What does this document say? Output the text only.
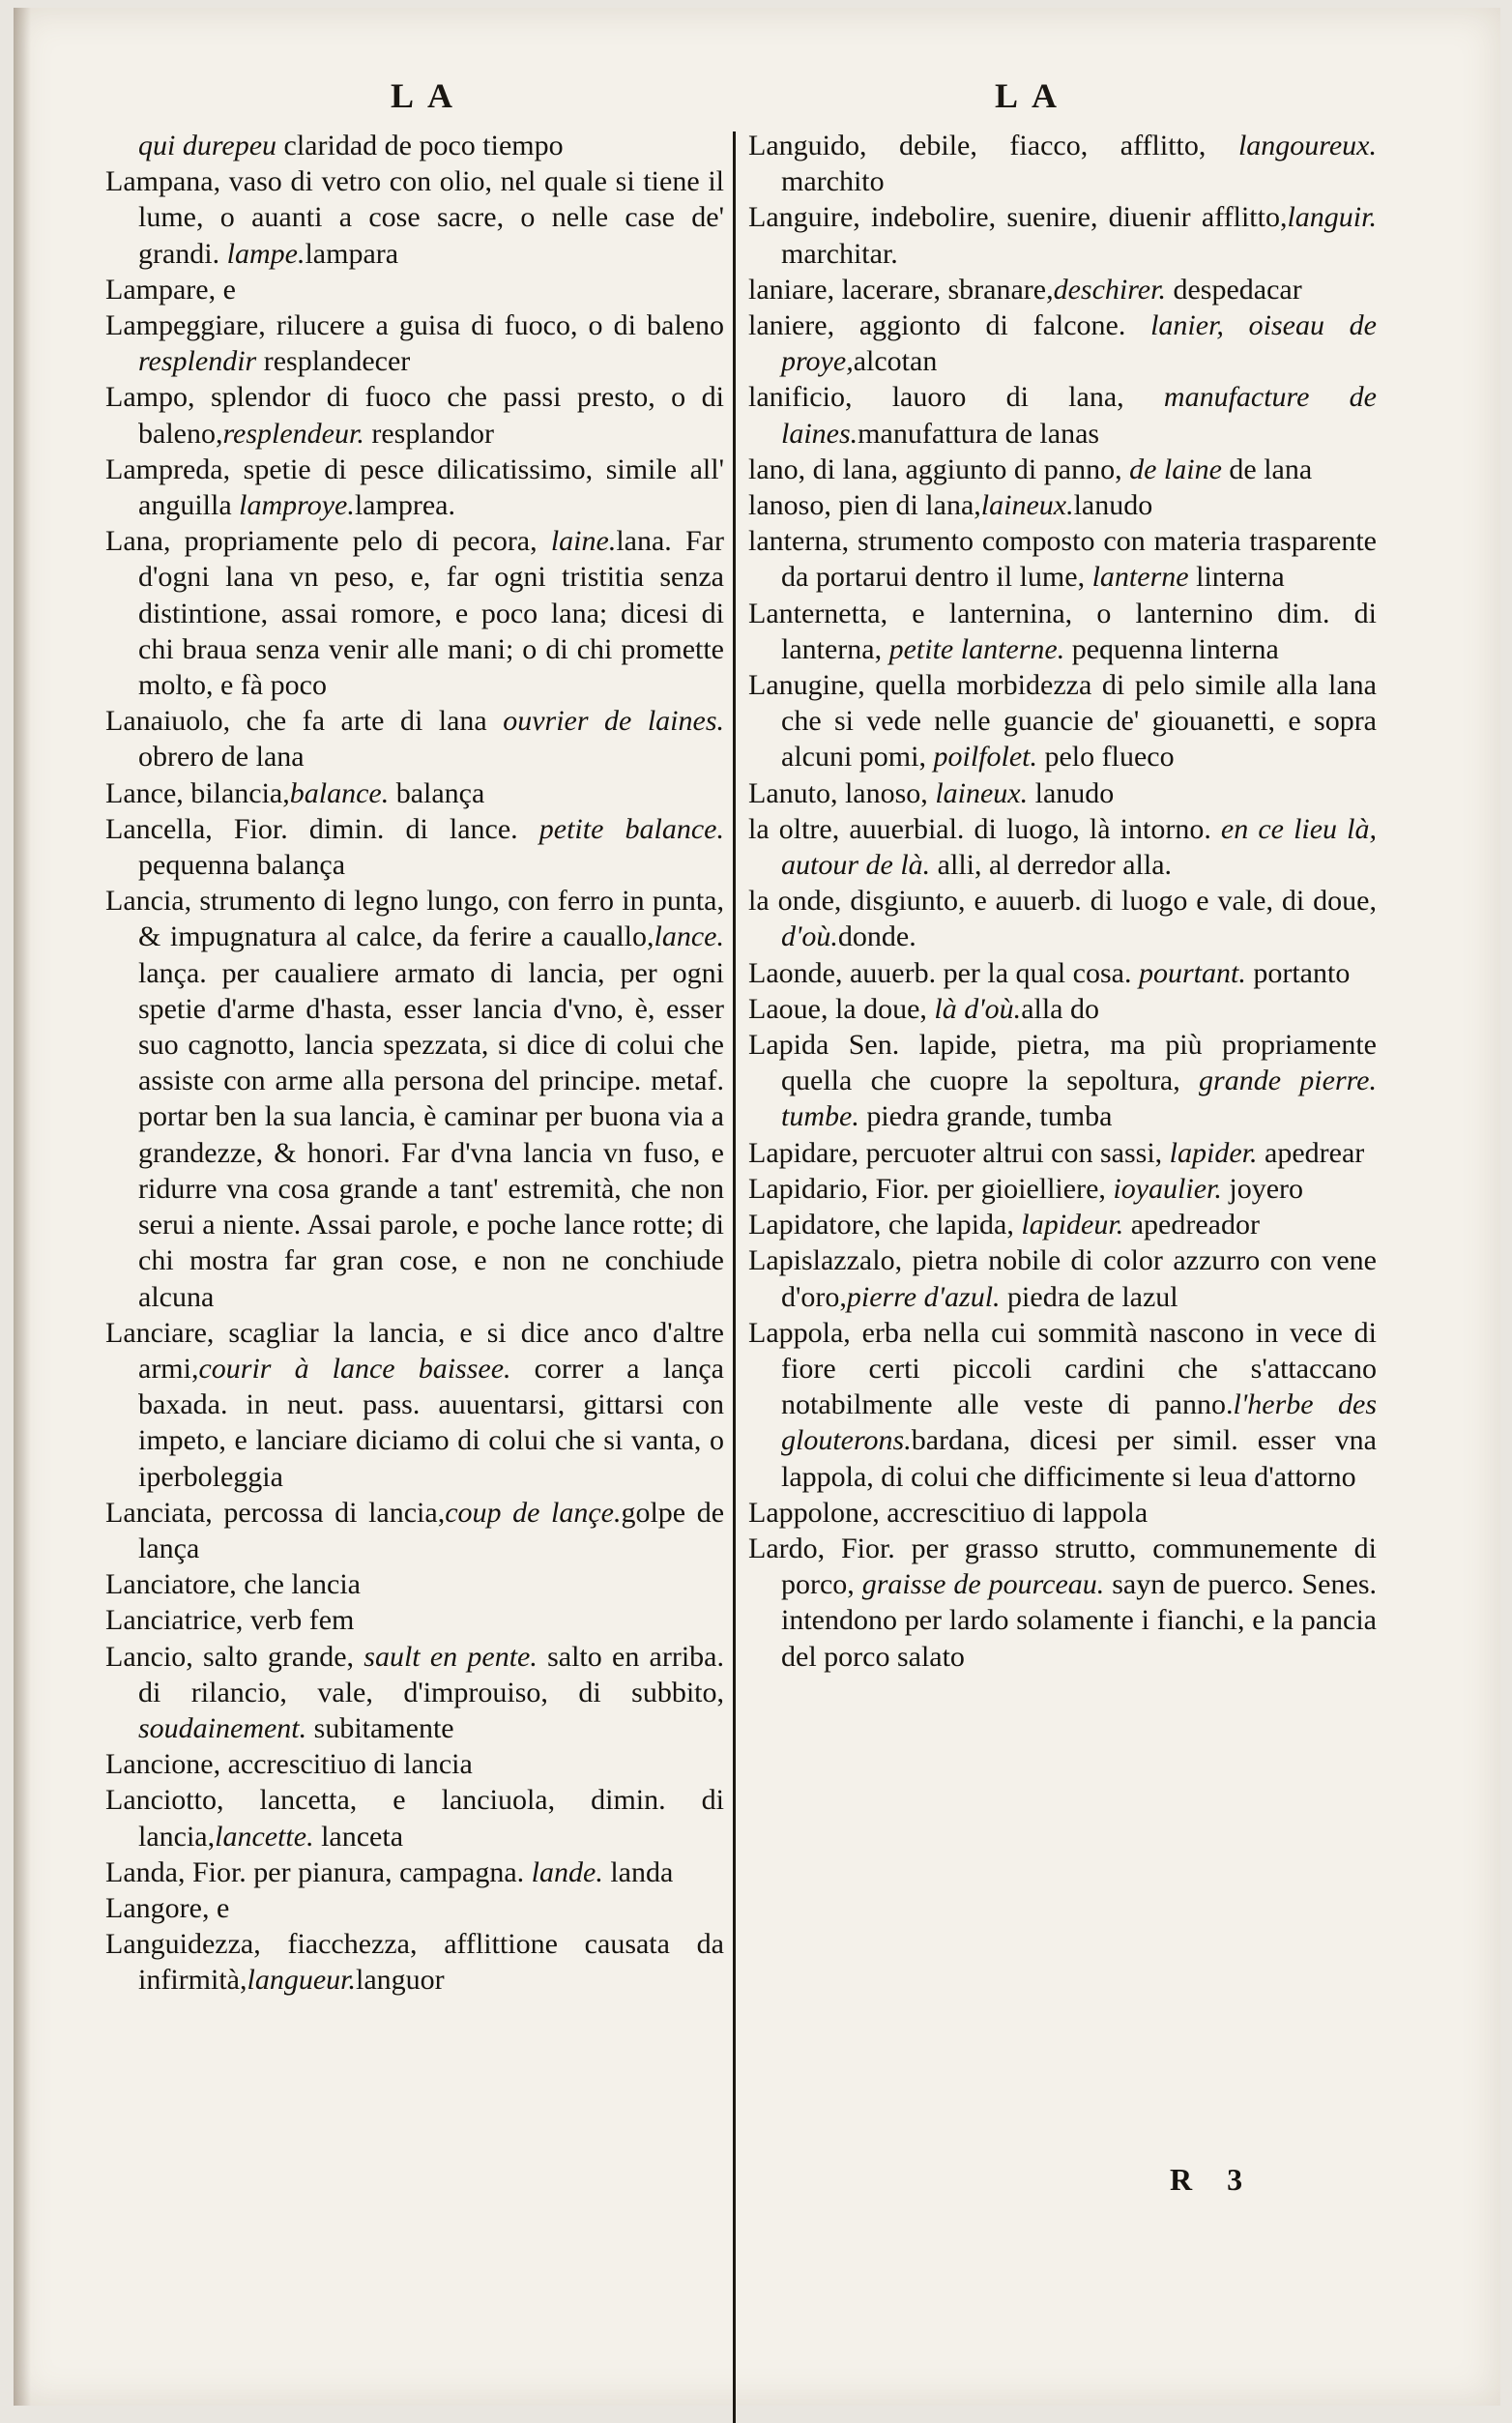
LA	LA
qui durepeu claridad de poco tiempo
Lampana, vaso di vetro con olio, nel quale si tiene il lume, o auanti a cose sacre, o nelle case de' grandi. lampe.lampara
Lampare, e
Lampeggiare, rilucere a guisa di fuoco, o di baleno resplendir resplandecer
Lampo, splendor di fuoco che passi presto, o di baleno,resplendeur. resplandor
Lampreda, spetie di pesce dilicatissimo, simile all' anguilla lamproye.lamprea.
Lana, propriamente pelo di pecora, laine.lana. Far d'ogni lana vn peso, e, far ogni tristitia senza distintione, assai romore, e poco lana; dicesi di chi braua senza venir alle mani; o di chi promette molto, e fà poco
Lanaiuolo, che fa arte di lana ouvrier de laines. obrero de lana
Lance, bilancia,balance. balança
Lancella, Fior. dimin. di lance. petite balance. pequenna balança
Lancia, strumento di legno lungo, con ferro in punta, & impugnatura al calce, da ferire a cauallo,lance. lança. per caualiere armato di lancia, per ogni spetie d'arme d'hasta, esser lancia d'vno, è, esser suo cagnotto, lancia spezzata, si dice di colui che assiste con arme alla persona del principe. metaf. portar ben la sua lancia, è caminar per buona via a grandezze, & honori. Far d'vna lancia vn fuso, e ridurre vna cosa grande a tant' estremità, che non serui a niente. Assai parole, e poche lance rotte; di chi mostra far gran cose, e non ne conchiude alcuna
Lanciare, scagliar la lancia, e si dice anco d'altre armi,courir à lance baissee. correr a lança baxada. in neut. pass. auuentarsi, gittarsi con impeto, e lanciare diciamo di colui che si vanta, o iperboleggia
Lanciata, percossa di lancia,coup de lançe.golpe de lança
Lanciatore, che lancia
Lanciatrice, verb fem
Lancio, salto grande, sault en pente. salto en arriba. di rilancio, vale, d'improuiso, di subbito, soudainement. subitamente
Lancione, accrescitiuo di lancia
Lanciotto, lancetta, e lanciuola, dimin. di lancia,lancette. lanceta
Landa, Fior. per pianura, campagna. lande. landa
Langore, e
Languidezza, fiacchezza, afflittione causata da infirmità,langueur.languor
Languido, debile, fiacco, afflitto, langoureux. marchito
Languire, indebolire, suenire, diuenir afflitto,languir. marchitar.
laniare, lacerare, sbranare,deschirer. despedacar
laniere, aggionto di falcone. lanier, oiseau de proye,alcotan
lanificio, lauoro di lana, manufacture de laines.manufattura de lanas
lano, di lana, aggiunto di panno, de laine de lana
lanoso, pien di lana,laineux.lanudo
lanterna, strumento composto con materia trasparente da portarui dentro il lume, lanterne linterna
Lanternetta, e lanternina, o lanternino dim. di lanterna, petite lanterne. pequenna linterna
Lanugine, quella morbidezza di pelo simile alla lana che si vede nelle guancie de' giouanetti, e sopra alcuni pomi, poilfolet. pelo flueco
Lanuto, lanoso, laineux. lanudo
la oltre, auuerbial. di luogo, là intorno. en ce lieu là, autour de là. alli, al derredor alla.
la onde, disgiunto, e auuerb. di luogo e vale, di doue, d'où.donde.
Laonde, auuerb. per la qual cosa. pourtant. portanto
Laoue, la doue, là d'où.alla do
Lapida Sen. lapide, pietra, ma più propriamente quella che cuopre la sepoltura, grande pierre. tumbe. piedra grande, tumba
Lapidare, percuoter altrui con sassi, lapider. apedrear
Lapidario, Fior. per gioielliere, ioyaulier. joyero
Lapidatore, che lapida, lapideur. apedreador
Lapislazzalo, pietra nobile di color azzurro con vene d'oro,pierre d'azul. piedra de lazul
Lappola, erba nella cui sommità nascono in vece di fiore certi piccoli cardini che s'attaccano notabilmente alle veste di panno.l'herbe des glouterons.bardana, dicesi per simil. esser vna lappola, di colui che difficimente si leua d'attorno
Lappolone, accrescitiuo di lappola
Lardo, Fior. per grasso strutto, communemente di porco, graisse de pourceau. sayn de puerco. Senes. intendono per lardo solamente i fianchi, e la pancia del porco salato
R 3
